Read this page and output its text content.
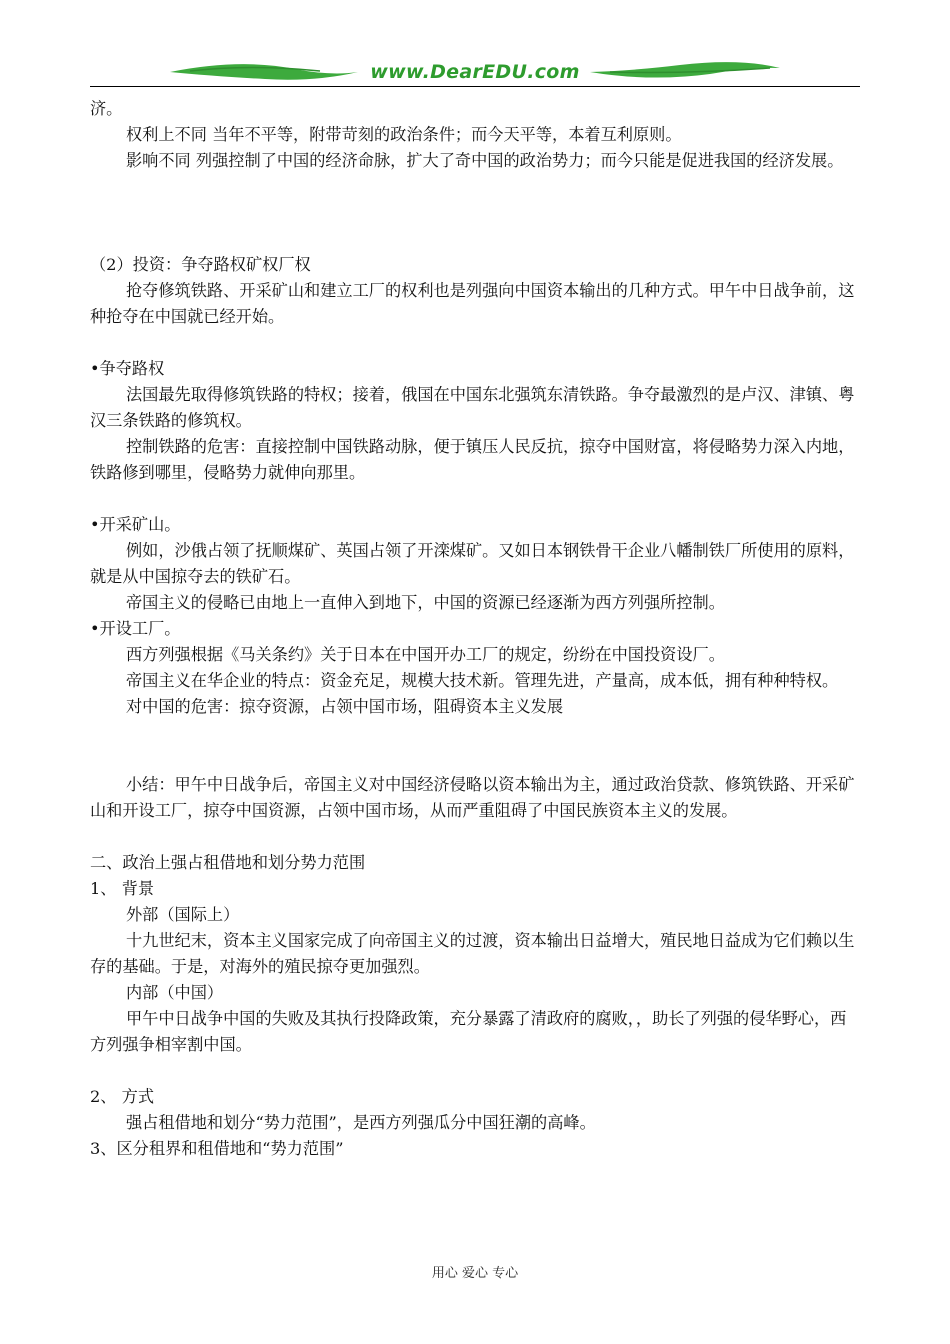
www.DearEDU.com

济。

权利上不同 当年不平等，附带苛刻的政治条件；而今天平等，本着互利原则。

影响不同 列强控制了中国的经济命脉，扩大了奇中国的政治势力；而今只能是促进我国的经济发展。

（2）投资：争夺路权矿权厂权

抢夺修筑铁路、开采矿山和建立工厂的权利也是列强向中国资本输出的几种方式。甲午中日战争前，这种抢夺在中国就已经开始。

•争夺路权

法国最先取得修筑铁路的特权；接着，俄国在中国东北强筑东清铁路。争夺最激烈的是卢汉、津镇、粤汉三条铁路的修筑权。

控制铁路的危害：直接控制中国铁路动脉，便于镇压人民反抗，掠夺中国财富，将侵略势力深入内地，铁路修到哪里，侵略势力就伸向那里。

•开采矿山。

例如，沙俄占领了抚顺煤矿、英国占领了开滦煤矿。又如日本钢铁骨干企业八幡制铁厂所使用的原料，就是从中国掠夺去的铁矿石。

帝国主义的侵略已由地上一直伸入到地下，中国的资源已经逐渐为西方列强所控制。

•开设工厂。

西方列强根据《马关条约》关于日本在中国开办工厂的规定，纷纷在中国投资设厂。

帝国主义在华企业的特点：资金充足，规模大技术新。管理先进，产量高，成本低，拥有种种特权。

对中国的危害：掠夺资源，占领中国市场，阻碍资本主义发展

小结：甲午中日战争后，帝国主义对中国经济侵略以资本输出为主，通过政治贷款、修筑铁路、开采矿山和开设工厂，掠夺中国资源，占领中国市场，从而严重阻碍了中国民族资本主义的发展。

二、政治上强占租借地和划分势力范围

1、 背景

外部（国际上）

十九世纪末，资本主义国家完成了向帝国主义的过渡，资本输出日益增大，殖民地日益成为它们赖以生存的基础。于是，对海外的殖民掠夺更加强烈。

内部（中国）

甲午中日战争中国的失败及其执行投降政策，充分暴露了清政府的腐败，，助长了列强的侵华野心，西方列强争相宰割中国。

2、 方式

强占租借地和划分“势力范围”，是西方列强瓜分中国狂潮的高峰。

3、区分租界和租借地和“势力范围”

用心 爱心 专心
